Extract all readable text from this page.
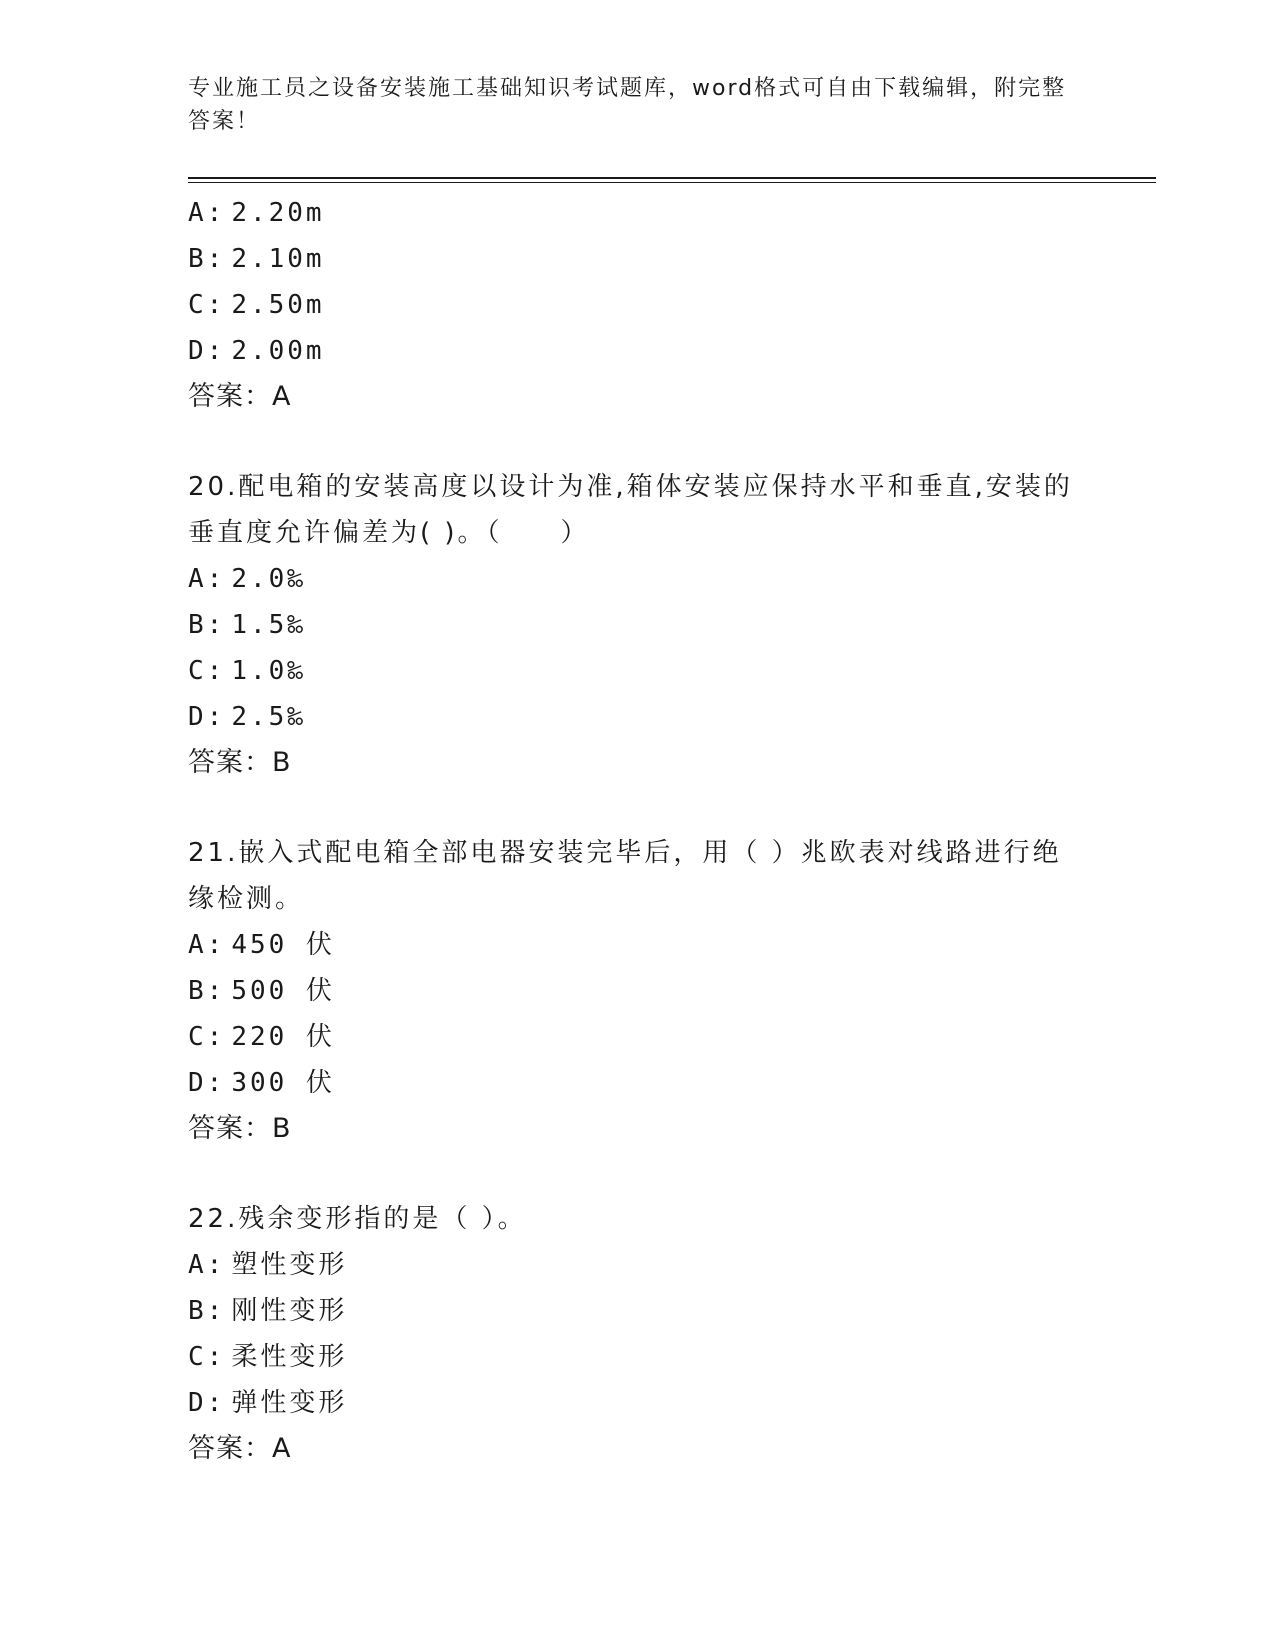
专业施工员之设备安装施工基础知识考试题库，word格式可自由下载编辑，附完整答案！
A: 2.20m
B: 2.10m
C: 2.50m
D: 2.00m
答案：A
20.配电箱的安装高度以设计为准,箱体安装应保持水平和垂直,安装的垂直度允许偏差为( )。（　　）
A: 2.0‰
B: 1.5‰
C: 1.0‰
D: 2.5‰
答案：B
21.嵌入式配电箱全部电器安装完毕后，用（ ）兆欧表对线路进行绝缘检测。
A: 450 伏
B: 500 伏
C: 220 伏
D: 300 伏
答案：B
22.残余变形指的是（ ）。
A: 塑性变形
B: 刚性变形
C: 柔性变形
D: 弹性变形
答案：A
